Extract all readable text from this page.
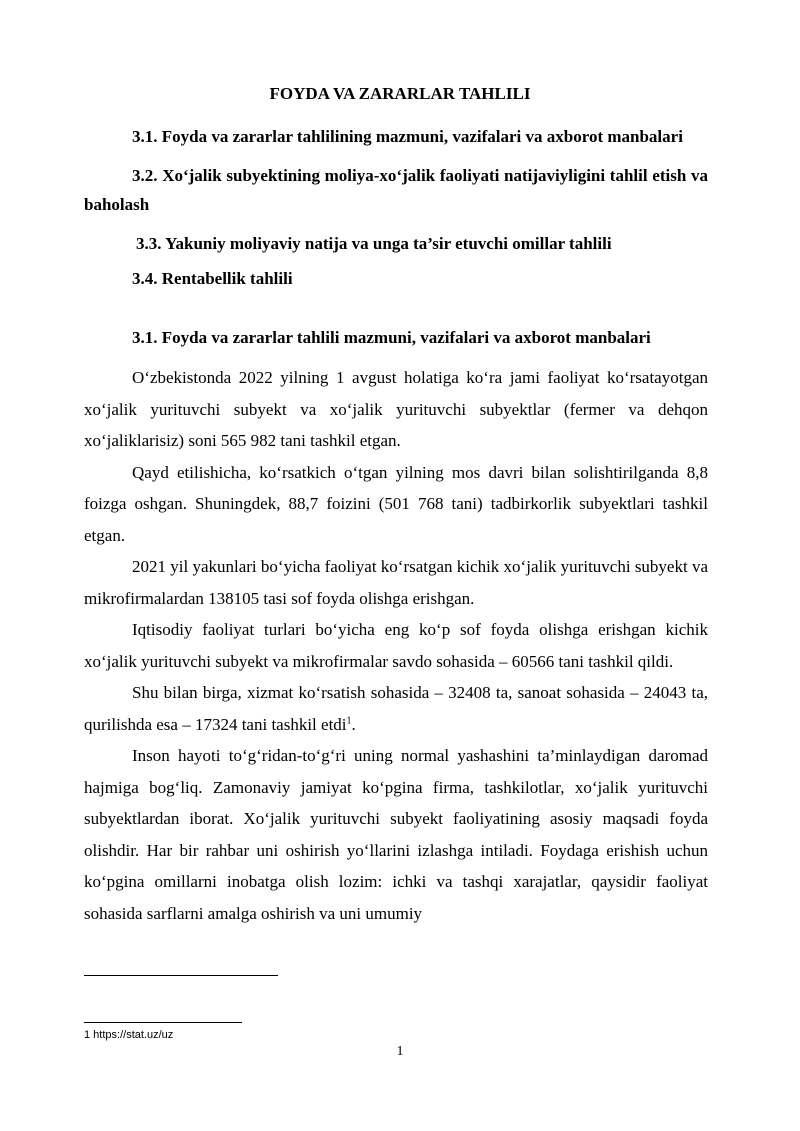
FOYDA VA ZARARLAR TAHLILI

3.1. Foyda va zararlar tahlilining mazmuni, vazifalari va axborot manbalari

3.2. Xo‘jalik subyektining moliya-xo‘jalik faoliyati natijaviyligini tahlil etish va baholash

3.3. Yakuniy moliyaviy natija va unga ta’sir etuvchi omillar tahlili

3.4. Rentabellik tahlili

3.1. Foyda va zararlar tahlili mazmuni, vazifalari va axborot manbalari

O‘zbekistonda 2022 yilning 1 avgust holatiga ko‘ra jami faoliyat ko‘rsatayotgan xo‘jalik yurituvchi subyekt va xo‘jalik yurituvchi subyektlar (fermer va dehqon xo‘jaliklarisiz) soni 565 982 tani tashkil etgan.

Qayd etilishicha, ko‘rsatkich o‘tgan yilning mos davri bilan solishtirilganda 8,8 foizga oshgan. Shuningdek, 88,7 foizini (501 768 tani) tadbirkorlik subyektlari tashkil etgan.

2021 yil yakunlari bo‘yicha faoliyat ko‘rsatgan kichik xo‘jalik yurituvchi subyekt va mikrofirmalardan 138105 tasi sof foyda olishga erishgan.

Iqtisodiy faoliyat turlari bo‘yicha eng ko‘p sof foyda olishga erishgan kichik xo‘jalik yurituvchi subyekt va mikrofirmalar savdo sohasida – 60566 tani tashkil qildi.

Shu bilan birga, xizmat ko‘rsatish sohasida – 32408 ta, sanoat sohasida – 24043 ta, qurilishda esa – 17324 tani tashkil etdi$^1$.

Inson hayoti to‘g‘ridan-to‘g‘ri uning normal yashashini ta’minlaydigan daromad hajmiga bog‘liq. Zamonaviy jamiyat ko‘pgina firma, tashkilotlar, xo‘jalik yurituvchi subyektlardan iborat. Xo‘jalik yurituvchi subyekt faoliyatining asosiy maqsadi foyda olishdir. Har bir rahbar uni oshirish yo‘llarini izlashga intiladi. Foydaga erishish uchun ko‘pgina omillarni inobatga olish lozim: ichki va tashqi xarajatlar, qaysidir faoliyat sohasida sarflarni amalga oshirish va uni umumiy

1 https://stat.uz/uz
1
